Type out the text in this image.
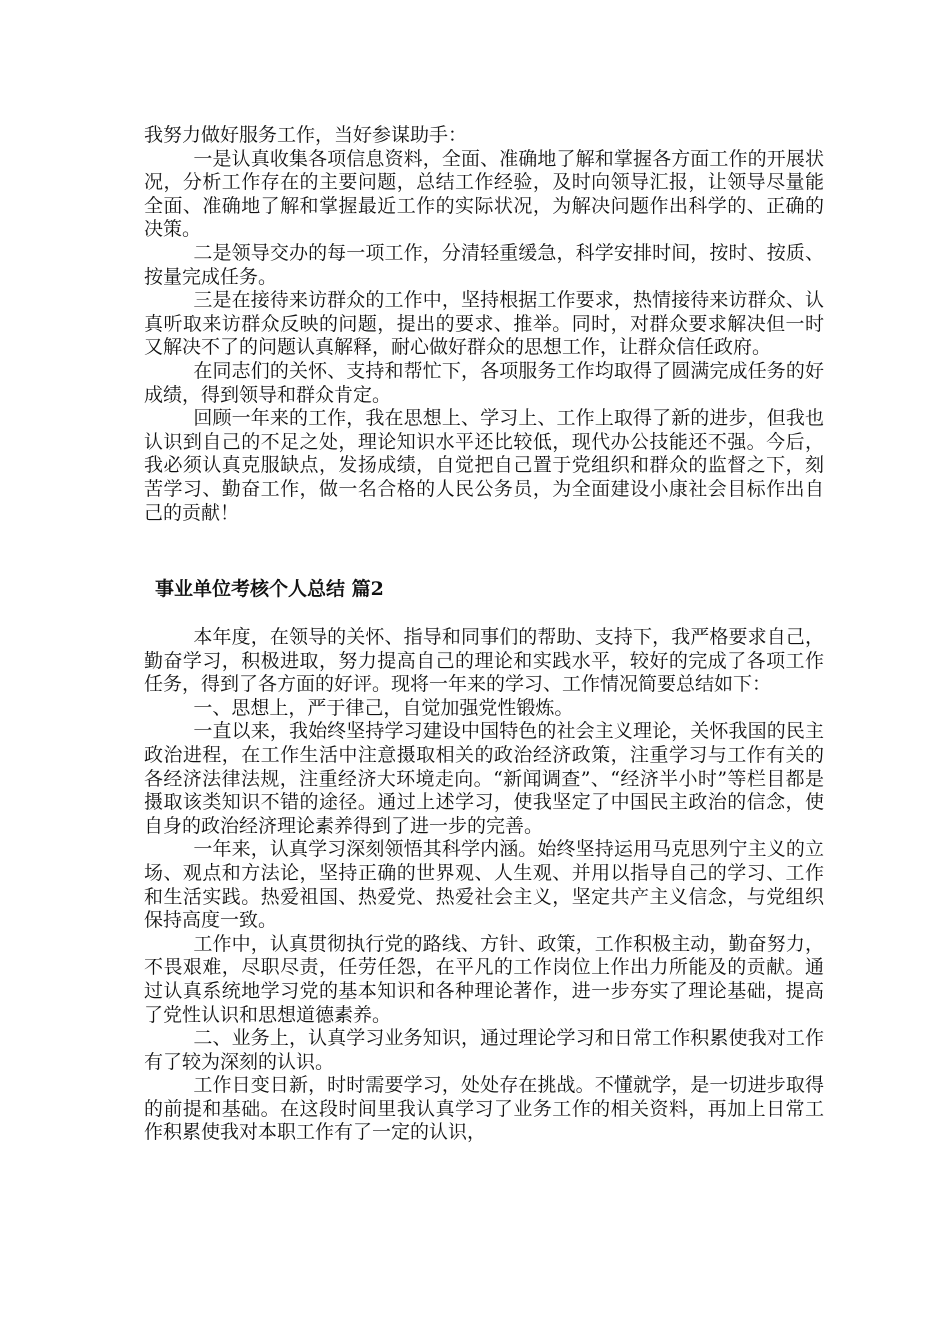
我努力做好服务工作，当好参谋助手：

一是认真收集各项信息资料，全面、准确地了解和掌握各方面工作的开展状况，分析工作存在的主要问题，总结工作经验，及时向领导汇报，让领导尽量能全面、准确地了解和掌握最近工作的实际状况，为解决问题作出科学的、正确的决策。

二是领导交办的每一项工作，分清轻重缓急，科学安排时间，按时、按质、按量完成任务。

三是在接待来访群众的工作中，坚持根据工作要求，热情接待来访群众、认真听取来访群众反映的问题，提出的要求、推举。同时，对群众要求解决但一时又解决不了的问题认真解释，耐心做好群众的思想工作，让群众信任政府。

在同志们的关怀、支持和帮忙下，各项服务工作均取得了圆满完成任务的好成绩，得到领导和群众肯定。

回顾一年来的工作，我在思想上、学习上、工作上取得了新的进步，但我也认识到自己的不足之处，理论知识水平还比较低，现代办公技能还不强。今后，我必须认真克服缺点，发扬成绩，自觉把自己置于党组织和群众的监督之下，刻苦学习、勤奋工作，做一名合格的人民公务员，为全面建设小康社会目标作出自己的贡献！

事业单位考核个人总结 篇2

本年度，在领导的关怀、指导和同事们的帮助、支持下，我严格要求自己，勤奋学习，积极进取，努力提高自己的理论和实践水平，较好的完成了各项工作任务，得到了各方面的好评。现将一年来的学习、工作情况简要总结如下：

一、思想上，严于律己，自觉加强党性锻炼。

一直以来，我始终坚持学习建设中国特色的社会主义理论，关怀我国的民主政治进程，在工作生活中注意摄取相关的政治经济政策，注重学习与工作有关的各经济法律法规，注重经济大环境走向。“新闻调查”、“经济半小时”等栏目都是摄取该类知识不错的途径。通过上述学习，使我坚定了中国民主政治的信念，使自身的政治经济理论素养得到了进一步的完善。

一年来，认真学习深刻领悟其科学内涵。始终坚持运用马克思列宁主义的立场、观点和方法论，坚持正确的世界观、人生观、并用以指导自己的学习、工作和生活实践。热爱祖国、热爱党、热爱社会主义，坚定共产主义信念，与党组织保持高度一致。

工作中，认真贯彻执行党的路线、方针、政策，工作积极主动，勤奋努力，不畏艰难，尽职尽责，任劳任怨，在平凡的工作岗位上作出力所能及的贡献。通过认真系统地学习党的基本知识和各种理论著作，进一步夯实了理论基础，提高了党性认识和思想道德素养。

二、业务上，认真学习业务知识，通过理论学习和日常工作积累使我对工作有了较为深刻的认识。

工作日变日新，时时需要学习，处处存在挑战。不懂就学，是一切进步取得的前提和基础。在这段时间里我认真学习了业务工作的相关资料，再加上日常工作积累使我对本职工作有了一定的认识，
